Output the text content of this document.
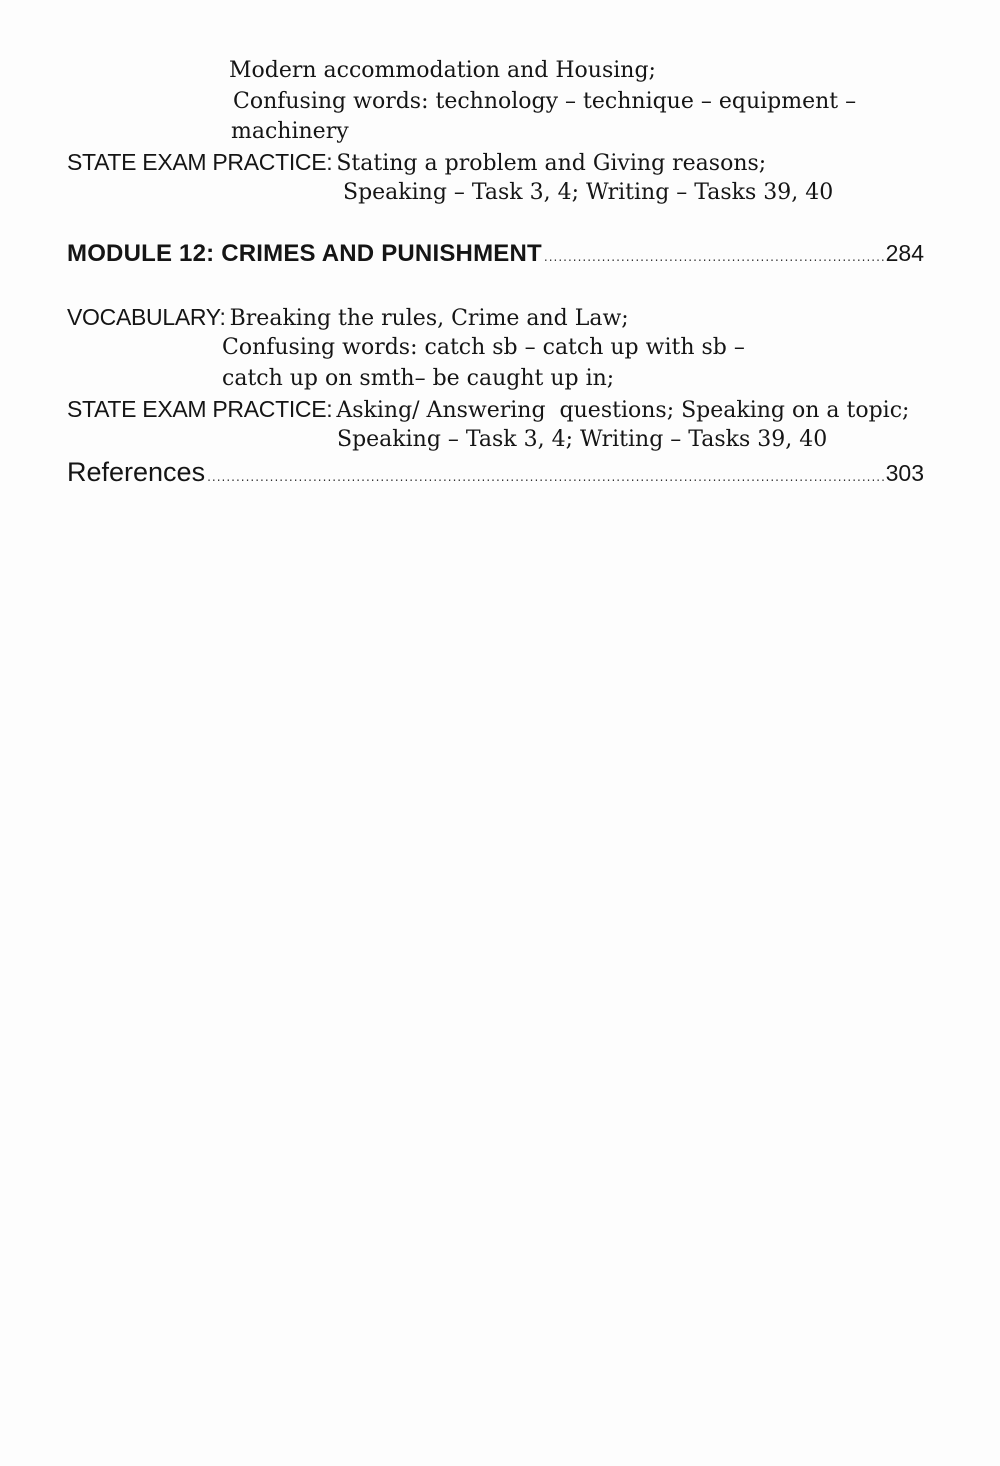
Modern accommodation and Housing;
Confusing words: technology – technique – equipment –
machinery
STATE EXAM PRACTICE: Stating a problem and Giving reasons;
Speaking – Task 3, 4; Writing – Tasks 39, 40
MODULE 12: CRIMES AND PUNISHMENT .....	284
VOCABULARY: Breaking the rules, Crime and Law;
Confusing words: catch sb – catch up with sb –
catch up on smth– be caught up in;
STATE EXAM PRACTICE: Asking/ Answering  questions; Speaking on a topic;
Speaking – Task 3, 4; Writing – Tasks 39, 40
References .....	303
